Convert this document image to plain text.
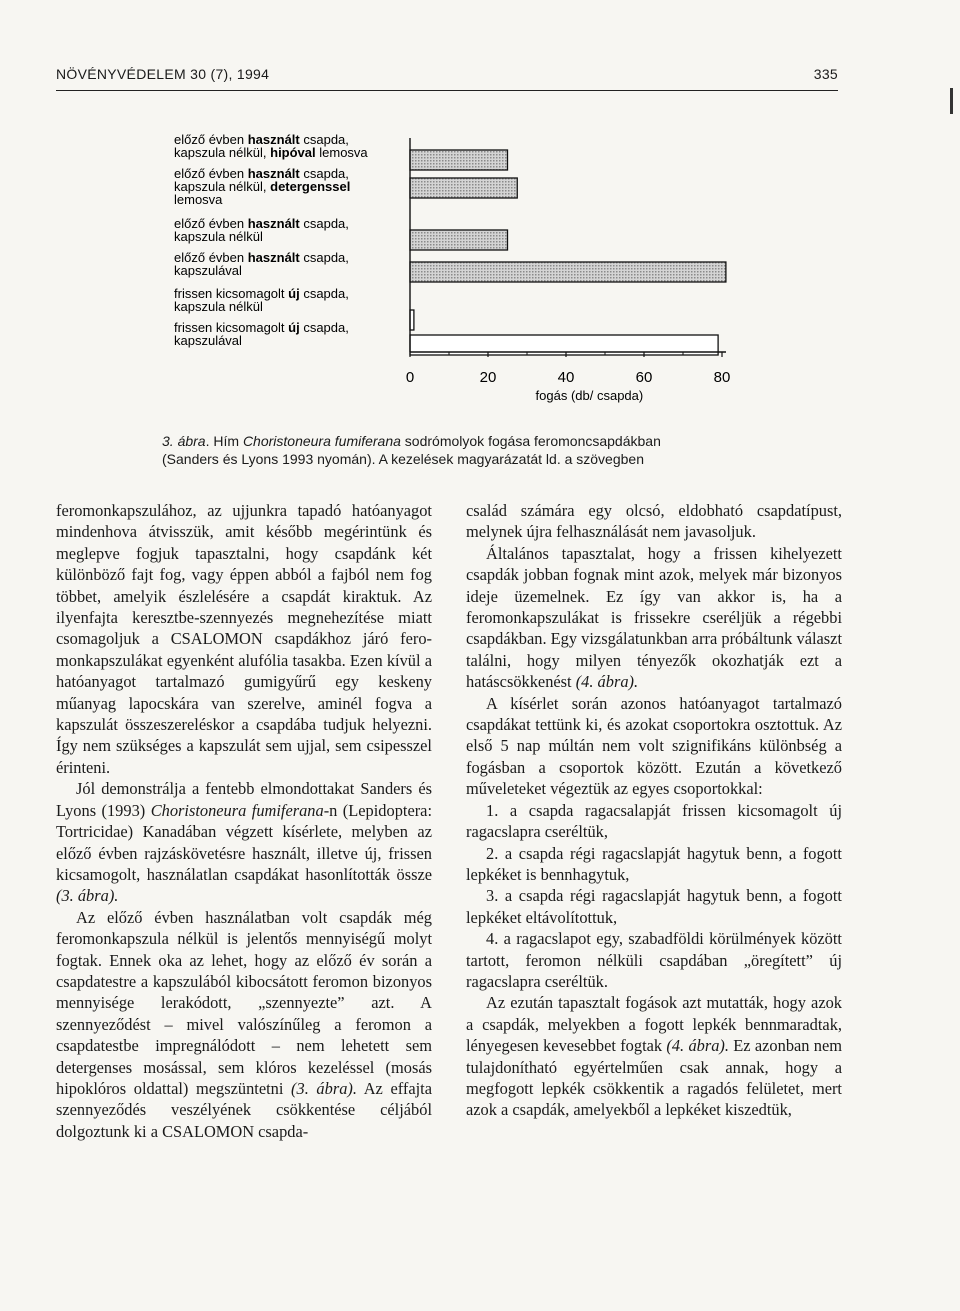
NÖVÉNYVÉDELEM 30 (7), 1994	335
előző évben használt csapda,
kapszula nélkül, hipóval lemosva
előző évben használt csapda,
kapszula nélkül, detergenssel
lemosva
előző évben használt csapda,
kapszula nélkül
előző évben használt csapda,
kapszulával
frissen kicsomagolt új csapda,
kapszula nélkül
frissen kicsomagolt új csapda,
kapszulával
0	20	40	60	80
fogás (db/ csapda)
3. ábra. Hím Choristoneura fumiferana sodrómolyok fogása feromoncsapdákban
(Sanders és Lyons 1993 nyomán). A kezelések magyarázatát ld. a szövegben

feromonkapszulához, az ujjunkra tapadó hatóanyagot mindenhova átvisszük, amit később megérintünk és meglepve fogjuk tapasztalni, hogy csapdánk két különböző fajt fog, vagy éppen abból a fajból nem fog többet, amelyik észlelésére a csapdát kiraktuk. Az ilyenfajta keresztbe-szennyezés megnehezítése miatt csomagoljuk a CSALOMON csapdákhoz járó feromonkapszulákat egyenként alufólia tasakba. Ezen kívül a hatóanyagot tartalmazó gumigyűrű egy keskeny műanyag lapocskára van szerelve, aminél fogva a kapszulát összeszereléskor a csapdába tudjuk helyezni. Így nem szükséges a kapszulát sem ujjal, sem csipesszel érinteni.

Jól demonstrálja a fentebb elmondottakat Sanders és Lyons (1993) Choristoneura fumiferana-n (Lepidoptera: Tortricidae) Kanadában végzett kísérlete, melyben az előző évben rajzáskövetésre használt, illetve új, frissen kicsamogolt, használatlan csapdákat hasonlították össze (3. ábra).

Az előző évben használatban volt csapdák még feromonkapszula nélkül is jelentős mennyiségű molyt fogtak. Ennek oka az lehet, hogy az előző év során a csapdatestre a kapszulából kibocsátott feromon bizonyos mennyisége lerakódott, „szennyezte” azt. A szennyeződést – mivel valószínűleg a feromon a csapdatestbe impregnálódott – nem lehetett sem detergenses mosással, sem klóros kezeléssel (mosás hipoklóros oldattal) megszüntetni (3. ábra). Az effajta szennyeződés veszélyének csökkentése céljából dolgoztunk ki a CSALOMON csapda-

család számára egy olcsó, eldobható csapdatípust, melynek újra felhasználását nem javasoljuk.

Általános tapasztalat, hogy a frissen kihelyezett csapdák jobban fognak mint azok, melyek már bizonyos ideje üzemelnek. Ez így van akkor is, ha a feromonkapszulákat is frissekre cseréljük a régebbi csapdákban. Egy vizsgálatunkban arra próbáltunk választ találni, hogy milyen tényezők okozhatják ezt a hatáscsökkenést (4. ábra).

A kísérlet során azonos hatóanyagot tartalmazó csapdákat tettünk ki, és azokat csoportokra osztottuk. Az első 5 nap múltán nem volt szignifikáns különbség a fogásban a csoportok között. Ezután a következő műveleteket végeztük az egyes csoportokkal:

1. a csapda ragacsalapját frissen kicsomagolt új ragacslapra cseréltük,

2. a csapda régi ragacslapját hagytuk benn, a fogott lepkéket is bennhagytuk,

3. a csapda régi ragacslapját hagytuk benn, a fogott lepkéket eltávolítottuk,

4. a ragacslapot egy, szabadföldi körülmények között tartott, feromon nélküli csapdában „öregített” új ragacslapra cseréltük.

Az ezután tapasztalt fogások azt mutatták, hogy azok a csapdák, melyekben a fogott lepkék bennmaradtak, lényegesen kevesebbet fogtak (4. ábra). Ez azonban nem tulajdonítható egyértelműen csak annak, hogy a megfogott lepkék csökkentik a ragadós felületet, mert azok a csapdák, amelyekből a lepkéket kiszedtük,
